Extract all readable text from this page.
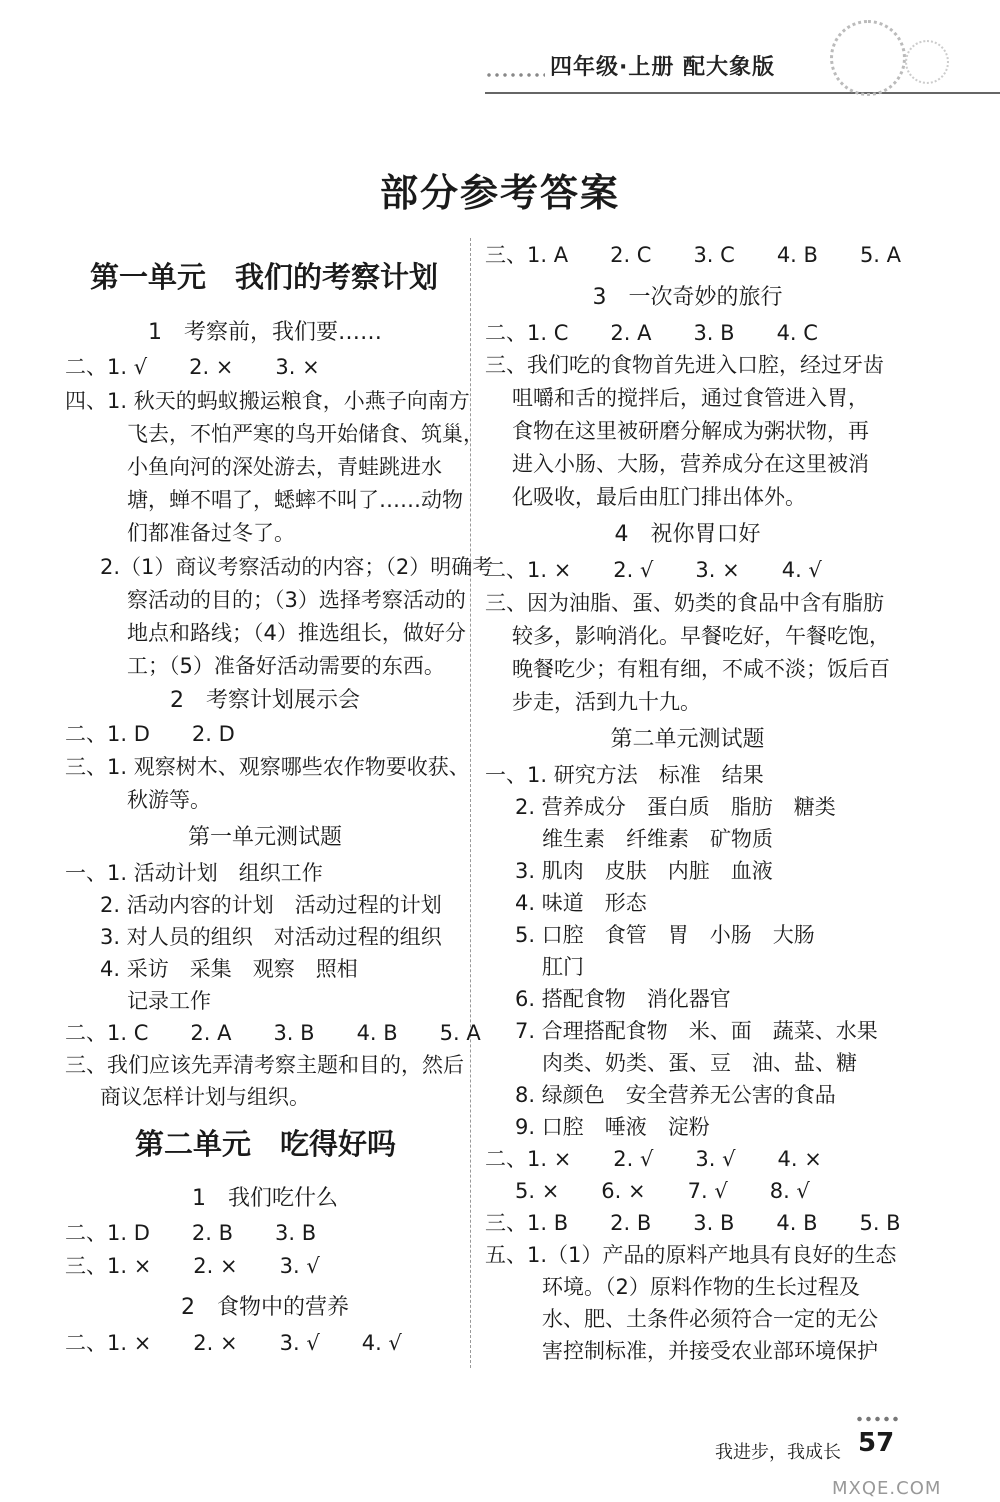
四年级·上册 配大象版
部分参考答案
第一单元　我们的考察计划
1　考察前，我们要……
二、1. √　　2. ×　　3. ×
四、1. 秋天的蚂蚁搬运粮食，小燕子向南方
飞去，不怕严寒的鸟开始储食、筑巢，
小鱼向河的深处游去，青蛙跳进水
塘，蝉不唱了，蟋蟀不叫了……动物
们都准备过冬了。
2.（1）商议考察活动的内容；（2）明确考
察活动的目的；（3）选择考察活动的
地点和路线；（4）推选组长，做好分
工；（5）准备好活动需要的东西。
2　考察计划展示会
二、1. D　　2. D
三、1. 观察树木、观察哪些农作物要收获、
秋游等。
第一单元测试题
一、1. 活动计划　组织工作
2. 活动内容的计划　活动过程的计划
3. 对人员的组织　对活动过程的组织
4. 采访　采集　观察　照相
记录工作
二、1. C　　2. A　　3. B　　4. B　　5. A
三、我们应该先弄清考察主题和目的，然后
商议怎样计划与组织。
第二单元　吃得好吗
1　我们吃什么
二、1. D　　2. B　　3. B
三、1. ×　　2. ×　　3. √
2　食物中的营养
二、1. ×　　2. ×　　3. √　　4. √
三、1. A　　2. C　　3. C　　4. B　　5. A
3　一次奇妙的旅行
二、1. C　　2. A　　3. B　　4. C
三、我们吃的食物首先进入口腔，经过牙齿
咀嚼和舌的搅拌后，通过食管进入胃，
食物在这里被研磨分解成为粥状物，再
进入小肠、大肠，营养成分在这里被消
化吸收，最后由肛门排出体外。
4　祝你胃口好
二、1. ×　　2. √　　3. ×　　4. √
三、因为油脂、蛋、奶类的食品中含有脂肪
较多，影响消化。早餐吃好，午餐吃饱，
晚餐吃少；有粗有细，不咸不淡；饭后百
步走，活到九十九。
第二单元测试题
一、1. 研究方法　标准　结果
2. 营养成分　蛋白质　脂肪　糖类
维生素　纤维素　矿物质
3. 肌肉　皮肤　内脏　血液
4. 味道　形态
5. 口腔　食管　胃　小肠　大肠
肛门
6. 搭配食物　消化器官
7. 合理搭配食物　米、面　蔬菜、水果
肉类、奶类、蛋、豆　油、盐、糖
8. 绿颜色　安全营养无公害的食品
9. 口腔　唾液　淀粉
二、1. ×　　2. √　　3. √　　4. ×
5. ×　　6. ×　　7. √　　8. √
三、1. B　　2. B　　3. B　　4. B　　5. B
五、1.（1）产品的原料产地具有良好的生态
环境。（2）原料作物的生长过程及
水、肥、土条件必须符合一定的无公
害控制标准，并接受农业部环境保护
我进步，我成长 57
MXQE.COM
